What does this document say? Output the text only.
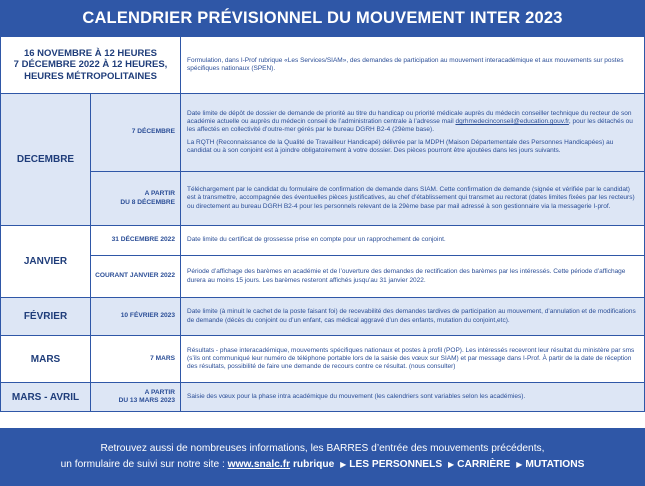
CALENDRIER PRÉVISIONNEL DU MOUVEMENT INTER 2023
16 NOVEMBRE À 12 HEURES
7 DÉCEMBRE 2022 À 12 HEURES,
HEURES MÉTROPOLITAINES		Formulation, dans I-Prof rubrique «Les Services/SIAM», des demandes de participation au mouvement interacadémique et aux mouvements sur postes spécifiques nationaux (SPEN).
DECEMBRE	7 DÉCEMBRE	Date limite de dépôt de dossier de demande de priorité au titre du handicap ou priorité médicale auprès du médecin conseiller technique du recteur de son académie actuelle ou auprès du médecin conseil de l’administration centrale à l’adresse mail dgrhmedecinconseil@education.gouv.fr, pour les détachés ou les affectés en collectivité d’outre-mer gérés par le bureau DGRH B2-4 (29ème base).

La RQTH (Reconnaissance de la Qualité de Travailleur Handicapé) délivrée par la MDPH (Maison Départementale des Personnes Handicapées) au candidat ou à son conjoint est à joindre obligatoirement à votre dossier. Des pièces pourront être ajoutées dans les jours suivants.

	A PARTIR
DU 8 DÉCEMBRE	Téléchargement par le candidat du formulaire de confirmation de demande dans SIAM. Cette confirmation de demande (signée et vérifiée par le candidat) est à transmettre, accompagnée des éventuelles pièces justificatives, au chef d’établissement qui transmet au rectorat (dates limites fixées par les recteurs) ou directement au bureau DGRH B2-4 pour les personnels relevant de la 29ème base par mail adressé à son gestionnaire via la messagerie I-prof.
JANVIER	31 DÉCEMBRE 2022	Date limite du certificat de grossesse prise en compte pour un rapprochement de conjoint.
	COURANT JANVIER 2022	Période d’affichage des barèmes en académie et de l’ouverture des demandes de rectification des barèmes par les intéressés. Cette période d’affichage durera au moins 15 jours. Les barèmes resteront affichés jusqu’au 31 janvier 2022.
FÉVRIER	10 FÉVRIER 2023	Date limite (à minuit le cachet de la poste faisant foi) de recevabilité des demandes tardives de participation au mouvement, d’annulation et de modifications de demande (décès du conjoint ou d’un enfant, cas médical aggravé d’un des enfants, mutation du conjoint,etc).
MARS	7 MARS	Résultats - phase interacadémique, mouvements spécifiques nationaux et postes à profil (POP). Les intéressés recevront leur résultat du ministère par sms (s’ils ont communiqué leur numéro de téléphone portable lors de la saisie des vœux sur SIAM) et par message dans I-Prof. À partir de la date de réception des résultats, possibilité de faire une demande de recours contre ce résultat. (nous consulter)
MARS - AVRIL	A PARTIR
DU 13 MARS 2023	Saisie des vœux pour la phase intra académique du mouvement (les calendriers sont variables selon les académies).
Retrouvez aussi de nombreuses informations, les BARRES d’entrée des mouvements précédents,
un formulaire de suivi sur notre site : www.snalc.fr rubrique ▶ LES PERSONNELS ▶ CARRIÈRE ▶ MUTATIONS
